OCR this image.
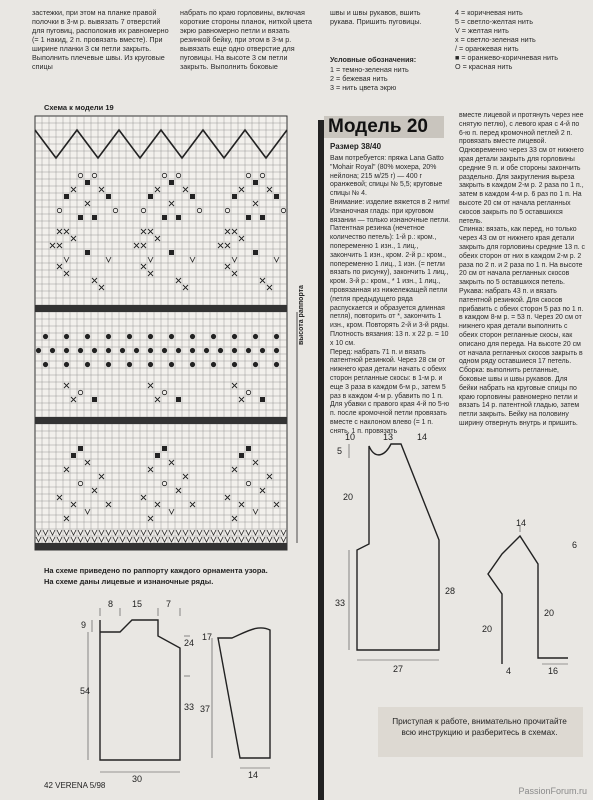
застежки, при этом на планке правой полочки в 3-м р. вывязать 7 отверстий для пуговиц, расположив их равномерно (= 1 накид, 2 п. провязать вместе). При ширине планки 3 см петли закрыть. Выполнить плечевые швы. Из круговые спицы
набрать по краю горловины, включая короткие стороны планок, ниткой цвета экрю равномерно петли и вязать резинкой бейку, при этом в 3-м р. вывязать еще одно отверстие для пуговицы. На высоте 3 см петли закрыть. Выполнить боковые
швы и швы рукавов, вшить рукава. Пришить пуговицы.
Условные обозначения:
1 = темно-зеленая нить
2 = бежевая нить
3 = нить цвета экрю
4 = коричневая нить
5 = светло-желтая нить
V = желтая нить
x = светло-зеленая нить
/ = оранжевая нить
■ = оранжево-коричневая нить
O = красная нить
Схема к модели 19
высота раппорта
На схеме приведено по раппорту каждого орнамента узора.
На схеме даны лицевые и изнаночные ряды.
8 15	7
9
24
54
33
30
17
37
14
Модель 20
Размер 38/40
Вам потребуется: пряжа Lana Gatto "Mohair Royal" (80% мохера, 20% нейлона; 215 м/25 г) — 400 г оранжевой; спицы № 5,5; круговые спицы № 4.
Внимание: изделие вяжется в 2 нити!
Изнаночная гладь: при круговом вязании — только изнаночные петли.
Патентная резинка (нечетное количество петель): 1-й р.: кром., попеременно 1 изн., 1 лиц., закончить 1 изн., кром. 2-й р.: кром., попеременно 1 лиц., 1 изн. (= петли вязать по рисунку), закончить 1 лиц., кром. 3-й р.: кром., * 1 изн., 1 лиц., провязанная из нижележащей петли (петля предыдущего ряда распускается и образуется длинная петля), повторить от *, закончить 1 изн., кром. Повторять 2-й и 3-й ряды.
Плотность вязания: 13 п. x 22 р. = 10 x 10 см.
Перед: набрать 71 п. и вязать патентной резинкой. Через 28 см от нижнего края детали начать с обеих сторон регланные скосы: в 1-м р. и еще 3 раза в каждом 6-м р., затем 5 раз в каждом 4-м р. убавить по 1 п. Для убавки с правого края 4-й по 5-ю п. после кромочной петли провязать вместе с наклоном влево (= 1 п. снять, 1 п. провязать
вместе лицевой и протянуть через нее снятую петлю), с левого края с 4-й по 6-ю п. перед кромочной петлей 2 п. провязать вместе лицевой. Одновременно через 33 см от нижнего края детали закрыть для горловины средние 9 п. и обе стороны закончить раздельно. Для закругления выреза закрыть в каждом 2-м р. 2 раза по 1 п., затем в каждом 4-м р. 6 раз по 1 п. На высоте 20 см от начала регланных скосов закрыть по 5 оставшихся петель.
Спинка: вязать, как перед, но только через 43 см от нижнего края детали закрыть для горловины средние 13 п. с обеих сторон от них в каждом 2-м р. 2 раза по 2 п. и 2 раза по 1 п. На высоте 20 см от начала регланных скосов закрыть по 5 оставшихся петель.
Рукава: набрать 43 п. и вязать патентной резинкой. Для скосов прибавить с обеих сторон 5 раз по 1 п. в каждом 8-м р. = 53 п. Через 20 см от нижнего края детали выполнить с обеих сторон регланные скосы, как описано для переда. На высоте 20 см от начала регланных скосов закрыть в одном ряду оставшиеся 17 петель.
Сборка: выполнить регланные, боковые швы и швы рукавов. Для бейки набрать на круговые спицы по краю горловины равномерно петли и вязать 14 р. патентной гладью, затем петли закрыть. Бейку на половину ширину отвернуть внутрь и пришить.
10	13	14
5
20
33
28
27
14
6
20
20
4	16
Приступая к работе, внимательно прочитайте всю инструкцию и разберитесь в схемах.
42 VERENA 5/98
PassionForum.ru
